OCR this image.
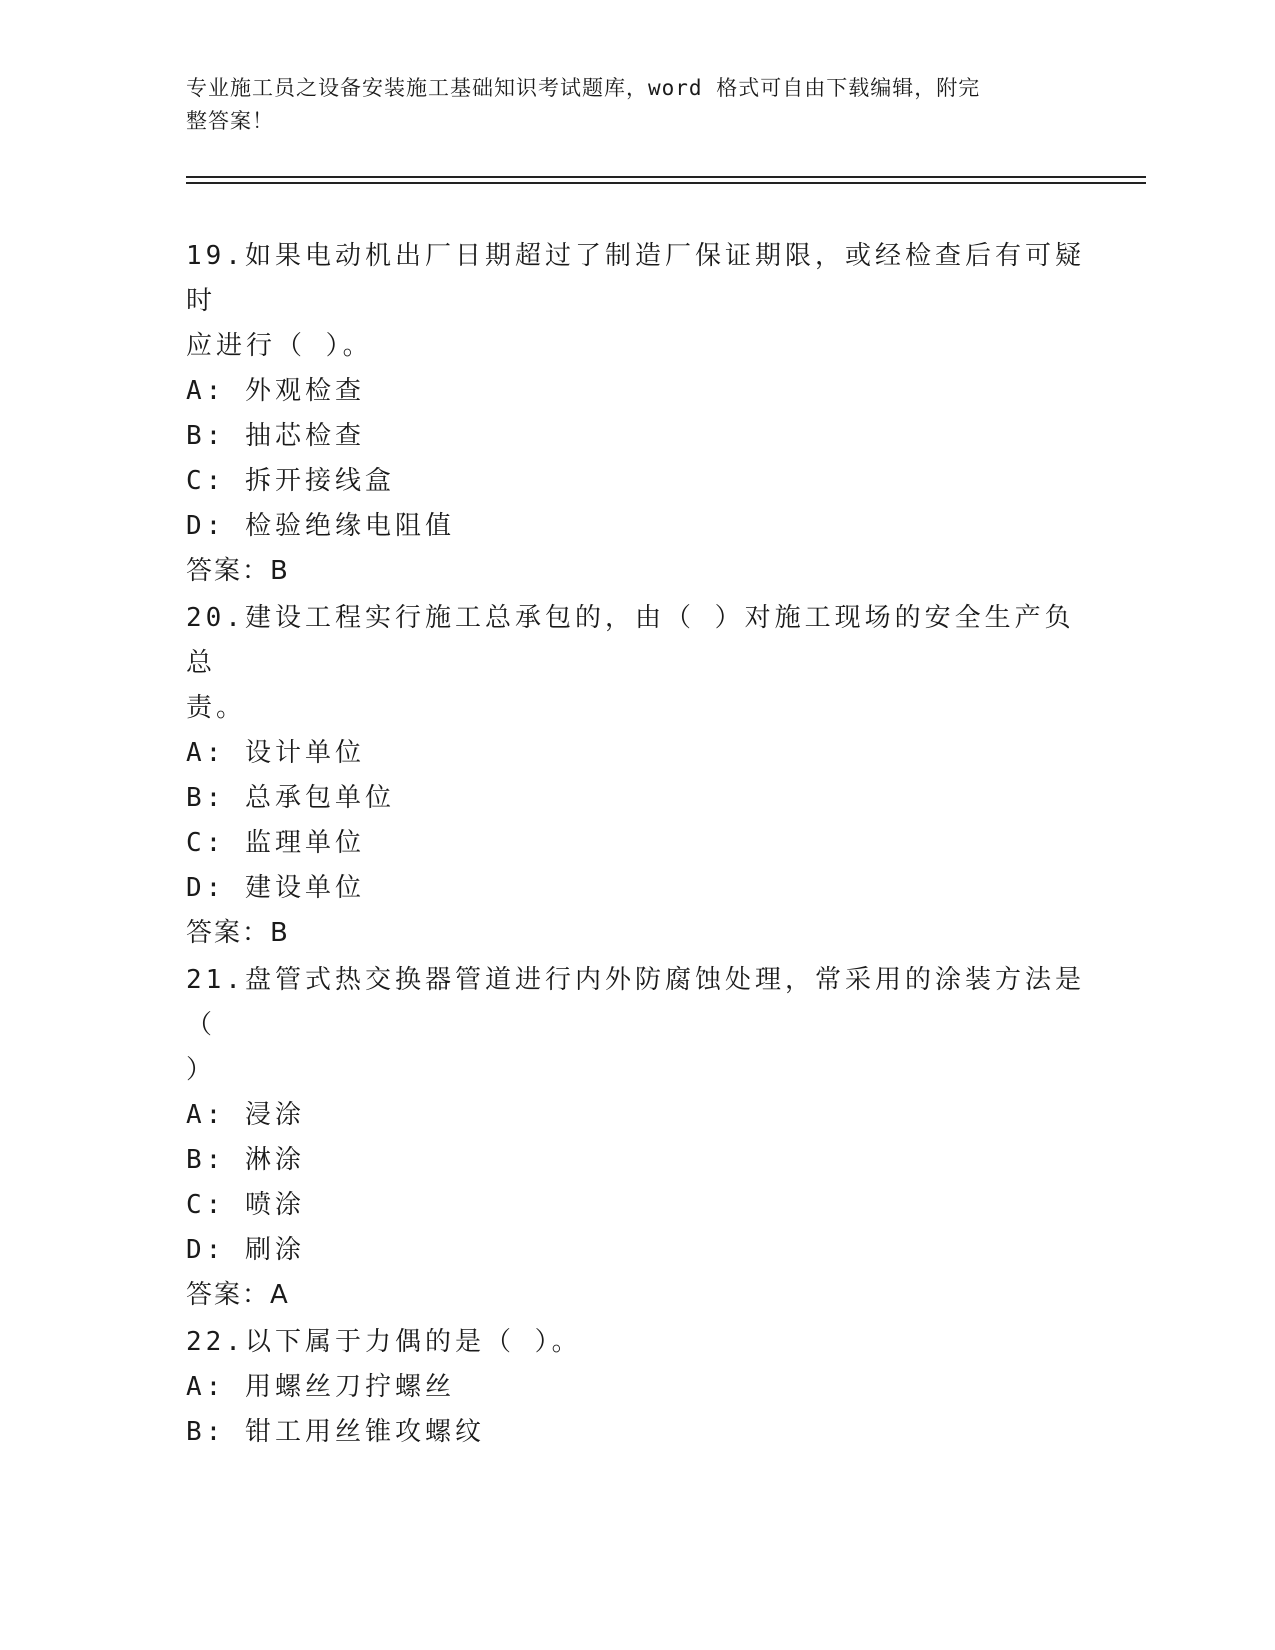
专业施工员之设备安装施工基础知识考试题库，word 格式可自由下载编辑，附完
整答案！
19.如果电动机出厂日期超过了制造厂保证期限，或经检查后有可疑时
应进行（ ）。
A: 外观检查
B: 抽芯检查
C: 拆开接线盒
D: 检验绝缘电阻值
答案：B
20.建设工程实行施工总承包的，由（ ）对施工现场的安全生产负总
责。
A: 设计单位
B: 总承包单位
C: 监理单位
D: 建设单位
答案：B
21.盘管式热交换器管道进行内外防腐蚀处理，常采用的涂装方法是（
）
A: 浸涂
B: 淋涂
C: 喷涂
D: 刷涂
答案：A
22.以下属于力偶的是（ ）。
A: 用螺丝刀拧螺丝
B: 钳工用丝锥攻螺纹
